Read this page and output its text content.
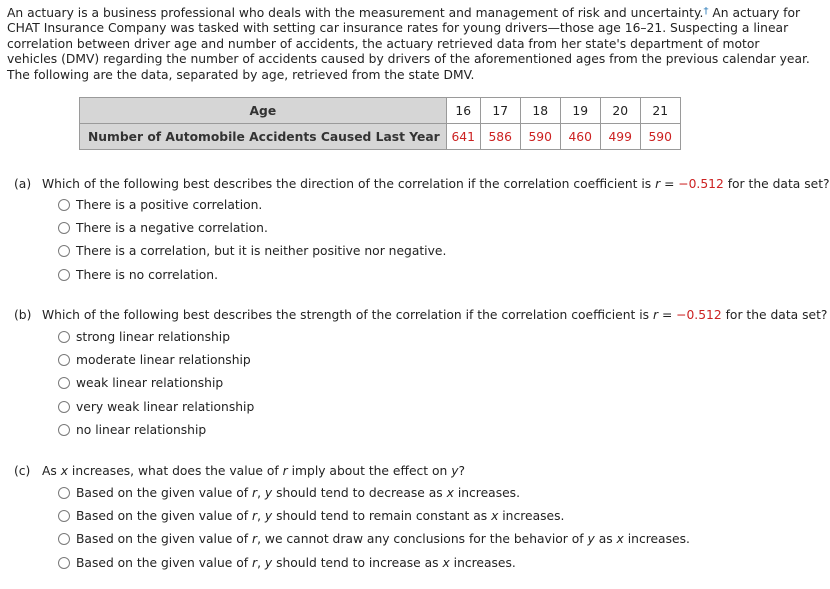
An actuary is a business professional who deals with the measurement and management of risk and uncertainty.† An actuary for CHAT Insurance Company was tasked with setting car insurance rates for young drivers—those age 16–21. Suspecting a linear correlation between driver age and number of accidents, the actuary retrieved data from her state's department of motor vehicles (DMV) regarding the number of accidents caused by drivers of the aforementioned ages from the previous calendar year. The following are the data, separated by age, retrieved from the state DMV.
Age	16	17	18	19	20	21
Number of Automobile Accidents Caused Last Year	641	586	590	460	499	590
(a) Which of the following best describes the direction of the correlation if the correlation coefficient is r = −0.512 for the data set?
There is a positive correlation.
There is a negative correlation.
There is a correlation, but it is neither positive nor negative.
There is no correlation.
(b) Which of the following best describes the strength of the correlation if the correlation coefficient is r = −0.512 for the data set?
strong linear relationship
moderate linear relationship
weak linear relationship
very weak linear relationship
no linear relationship
(c) As x increases, what does the value of r imply about the effect on y?
Based on the given value of r, y should tend to decrease as x increases.
Based on the given value of r, y should tend to remain constant as x increases.
Based on the given value of r, we cannot draw any conclusions for the behavior of y as x increases.
Based on the given value of r, y should tend to increase as x increases.
